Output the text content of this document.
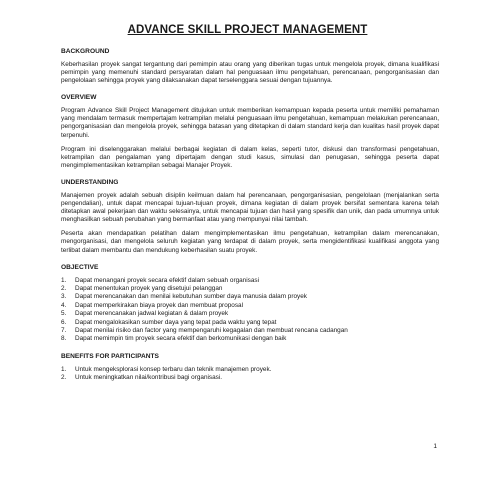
ADVANCE SKILL PROJECT MANAGEMENT
BACKGROUND

Keberhasilan proyek sangat tergantung dari pemimpin atau orang yang diberikan tugas untuk mengelola proyek, dimana kualifikasi pemimpin yang memenuhi standard persyaratan dalam hal penguasaan ilmu pengetahuan, perencanaan, pengorganisasian dan pengelolaan sehingga proyek yang dilaksanakan dapat terselenggara sesuai dengan tujuannya.

OVERVIEW

Program Advance Skill Project Management ditujukan untuk memberikan kemampuan kepada peserta untuk memiliki pemahaman yang mendalam termasuk mempertajam ketrampilan melalui penguasaan ilmu pengetahuan, kemampuan melakukan perencanaan, pengorganisasian dan mengelola proyek, sehingga batasan yang ditetapkan di dalam standard kerja dan kualitas hasil proyek dapat terpenuhi.

Program ini diselenggarakan melalui berbagai kegiatan di dalam kelas, seperti tutor, diskusi dan transformasi pengetahuan, ketrampilan dan pengalaman yang dipertajam dengan studi kasus, simulasi dan penugasan, sehingga peserta dapat mengimplementasikan ketrampilan sebagai Manajer Proyek.

UNDERSTANDING

Manajemen proyek adalah sebuah disiplin keilmuan dalam hal perencanaan, pengorganisasian, pengelolaan (menjalankan serta pengendalian), untuk dapat mencapai tujuan-tujuan proyek, dimana kegiatan di dalam proyek bersifat sementara karena telah ditetapkan awal pekerjaan dan waktu selesainya, untuk mencapai tujuan dan hasil yang spesifik dan unik, dan pada umumnya untuk menghasilkan sebuah perubahan yang bermanfaat atau yang mempunyai nilai tambah.

Peserta akan mendapatkan pelatihan dalam mengimplementasikan ilmu pengetahuan, ketrampilan dalam merencanakan, mengorganisasi, dan mengelola seluruh kegiatan yang terdapat di dalam proyek, serta mengidentifikasi kualifikasi anggota yang terlibat dalam membantu dan mendukung keberhasilan suatu proyek.

OBJECTIVE
1.	Dapat menangani proyek secara efektif dalam sebuah organisasi
2.	Dapat menentukan proyek yang disetujui pelanggan
3.	Dapat merencanakan dan menilai kebutuhan sumber daya manusia dalam proyek
4.	Dapat memperkirakan biaya proyek dan membuat proposal
5.	Dapat merencanakan jadwal kegiatan & dalam proyek
6.	Dapat mengalokasikan sumber daya yang tepat pada waktu yang tepat
7.	Dapat menilai risiko dan factor yang mempengaruhi kegagalan dan membuat rencana cadangan
8.	Dapat memimpin tim proyek secara efektif dan berkomunikasi dengan baik
BENEFITS FOR PARTICIPANTS
1.	Untuk mengeksplorasi konsep terbaru dan teknik manajemen proyek.
2.	Untuk meningkatkan nilai/kontribusi bagi organisasi.
1
